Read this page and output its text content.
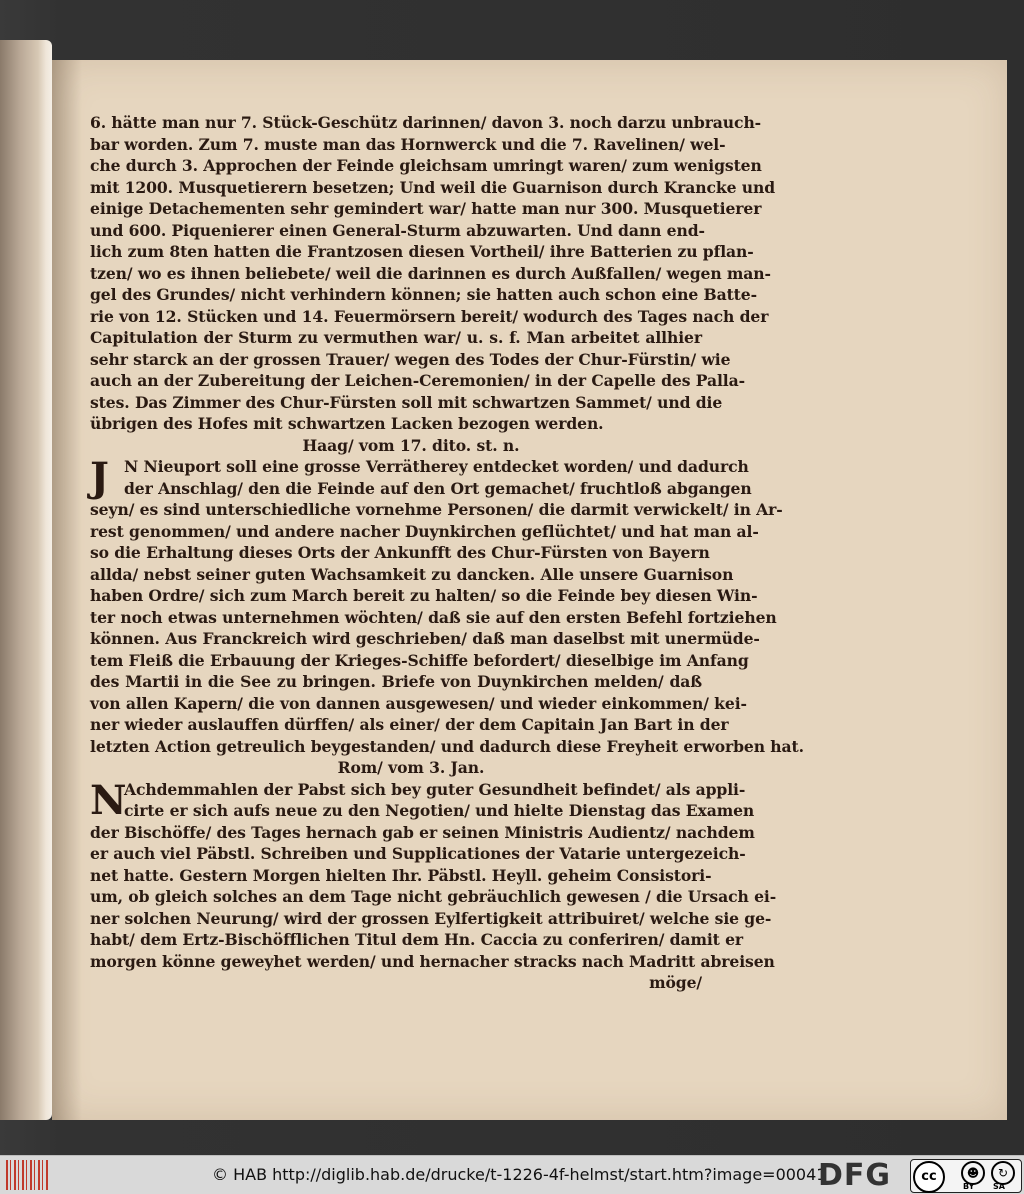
6. hätte man nur 7. Stück-Geschütz darinnen/ davon 3. noch darzu unbrauch-
bar worden. Zum 7. muste man das Hornwerck und die 7. Ravelinen/ wel-
che durch 3. Approchen der Feinde gleichsam umringt waren/ zum wenigsten
mit 1200. Musquetierern besetzen; Und weil die Guarnison durch Krancke und
einige Detachementen sehr gemindert war/ hatte man nur 300. Musquetierer
und 600. Piquenierer einen General-Sturm abzuwarten. Und dann end-
lich zum 8ten hatten die Frantzosen diesen Vortheil/ ihre Batterien zu pflan-
tzen/ wo es ihnen beliebete/ weil die darinnen es durch Außfallen/ wegen man-
gel des Grundes/ nicht verhindern können; sie hatten auch schon eine Batte-
rie von 12. Stücken und 14. Feuermörsern bereit/ wodurch des Tages nach der
Capitulation der Sturm zu vermuthen war/ u. s. f. Man arbeitet allhier
sehr starck an der grossen Trauer/ wegen des Todes der Chur-Fürstin/ wie
auch an der Zubereitung der Leichen-Ceremonien/ in der Capelle des Palla-
stes. Das Zimmer des Chur-Fürsten soll mit schwartzen Sammet/ und die
übrigen des Hofes mit schwartzen Lacken bezogen werden.
Haag/ vom 17. dito. st. n.
J N Nieuport soll eine grosse Verrätherey entdecket worden/ und dadurch
der Anschlag/ den die Feinde auf den Ort gemachet/ fruchtloß abgangen
seyn/ es sind unterschiedliche vornehme Personen/ die darmit verwickelt/ in Ar-
rest genommen/ und andere nacher Duynkirchen geflüchtet/ und hat man al-
so die Erhaltung dieses Orts der Ankunfft des Chur-Fürsten von Bayern
allda/ nebst seiner guten Wachsamkeit zu dancken. Alle unsere Guarnison
haben Ordre/ sich zum March bereit zu halten/ so die Feinde bey diesen Win-
ter noch etwas unternehmen wöchten/ daß sie auf den ersten Befehl fortziehen
können. Aus Franckreich wird geschrieben/ daß man daselbst mit unermüde-
tem Fleiß die Erbauung der Krieges-Schiffe befordert/ dieselbige im Anfang
des Martii in die See zu bringen. Briefe von Duynkirchen melden/ daß
von allen Kapern/ die von dannen ausgewesen/ und wieder einkommen/ kei-
ner wieder auslauffen dürffen/ als einer/ der dem Capitain Jan Bart in der
letzten Action getreulich beygestanden/ und dadurch diese Freyheit erworben hat.
Rom/ vom 3. Jan.
N
Achdemmahlen der Pabst sich bey guter Gesundheit befindet/ als appli-
cirte er sich aufs neue zu den Negotien/ und hielte Dienstag das Examen
der Bischöffe/ des Tages hernach gab er seinen Ministris Audientz/ nachdem
er auch viel Päbstl. Schreiben und Supplicationes der Vatarie untergezeich-
net hatte. Gestern Morgen hielten Ihr. Päbstl. Heyll. geheim Consistori-
um, ob gleich solches an dem Tage nicht gebräuchlich gewesen / die Ursach ei-
ner solchen Neurung/ wird der grossen Eylfertigkeit attribuiret/ welche sie ge-
habt/ dem Ertz-Bischöfflichen Titul dem Hn. Caccia zu conferiren/ damit er
morgen könne geweyhet werden/ und hernacher stracks nach Madritt abreisen
möge/
© HAB http://diglib.hab.de/drucke/t-1226-4f-helmst/start.htm?image=00041
DFG	cc	☻	↻
BY SA
